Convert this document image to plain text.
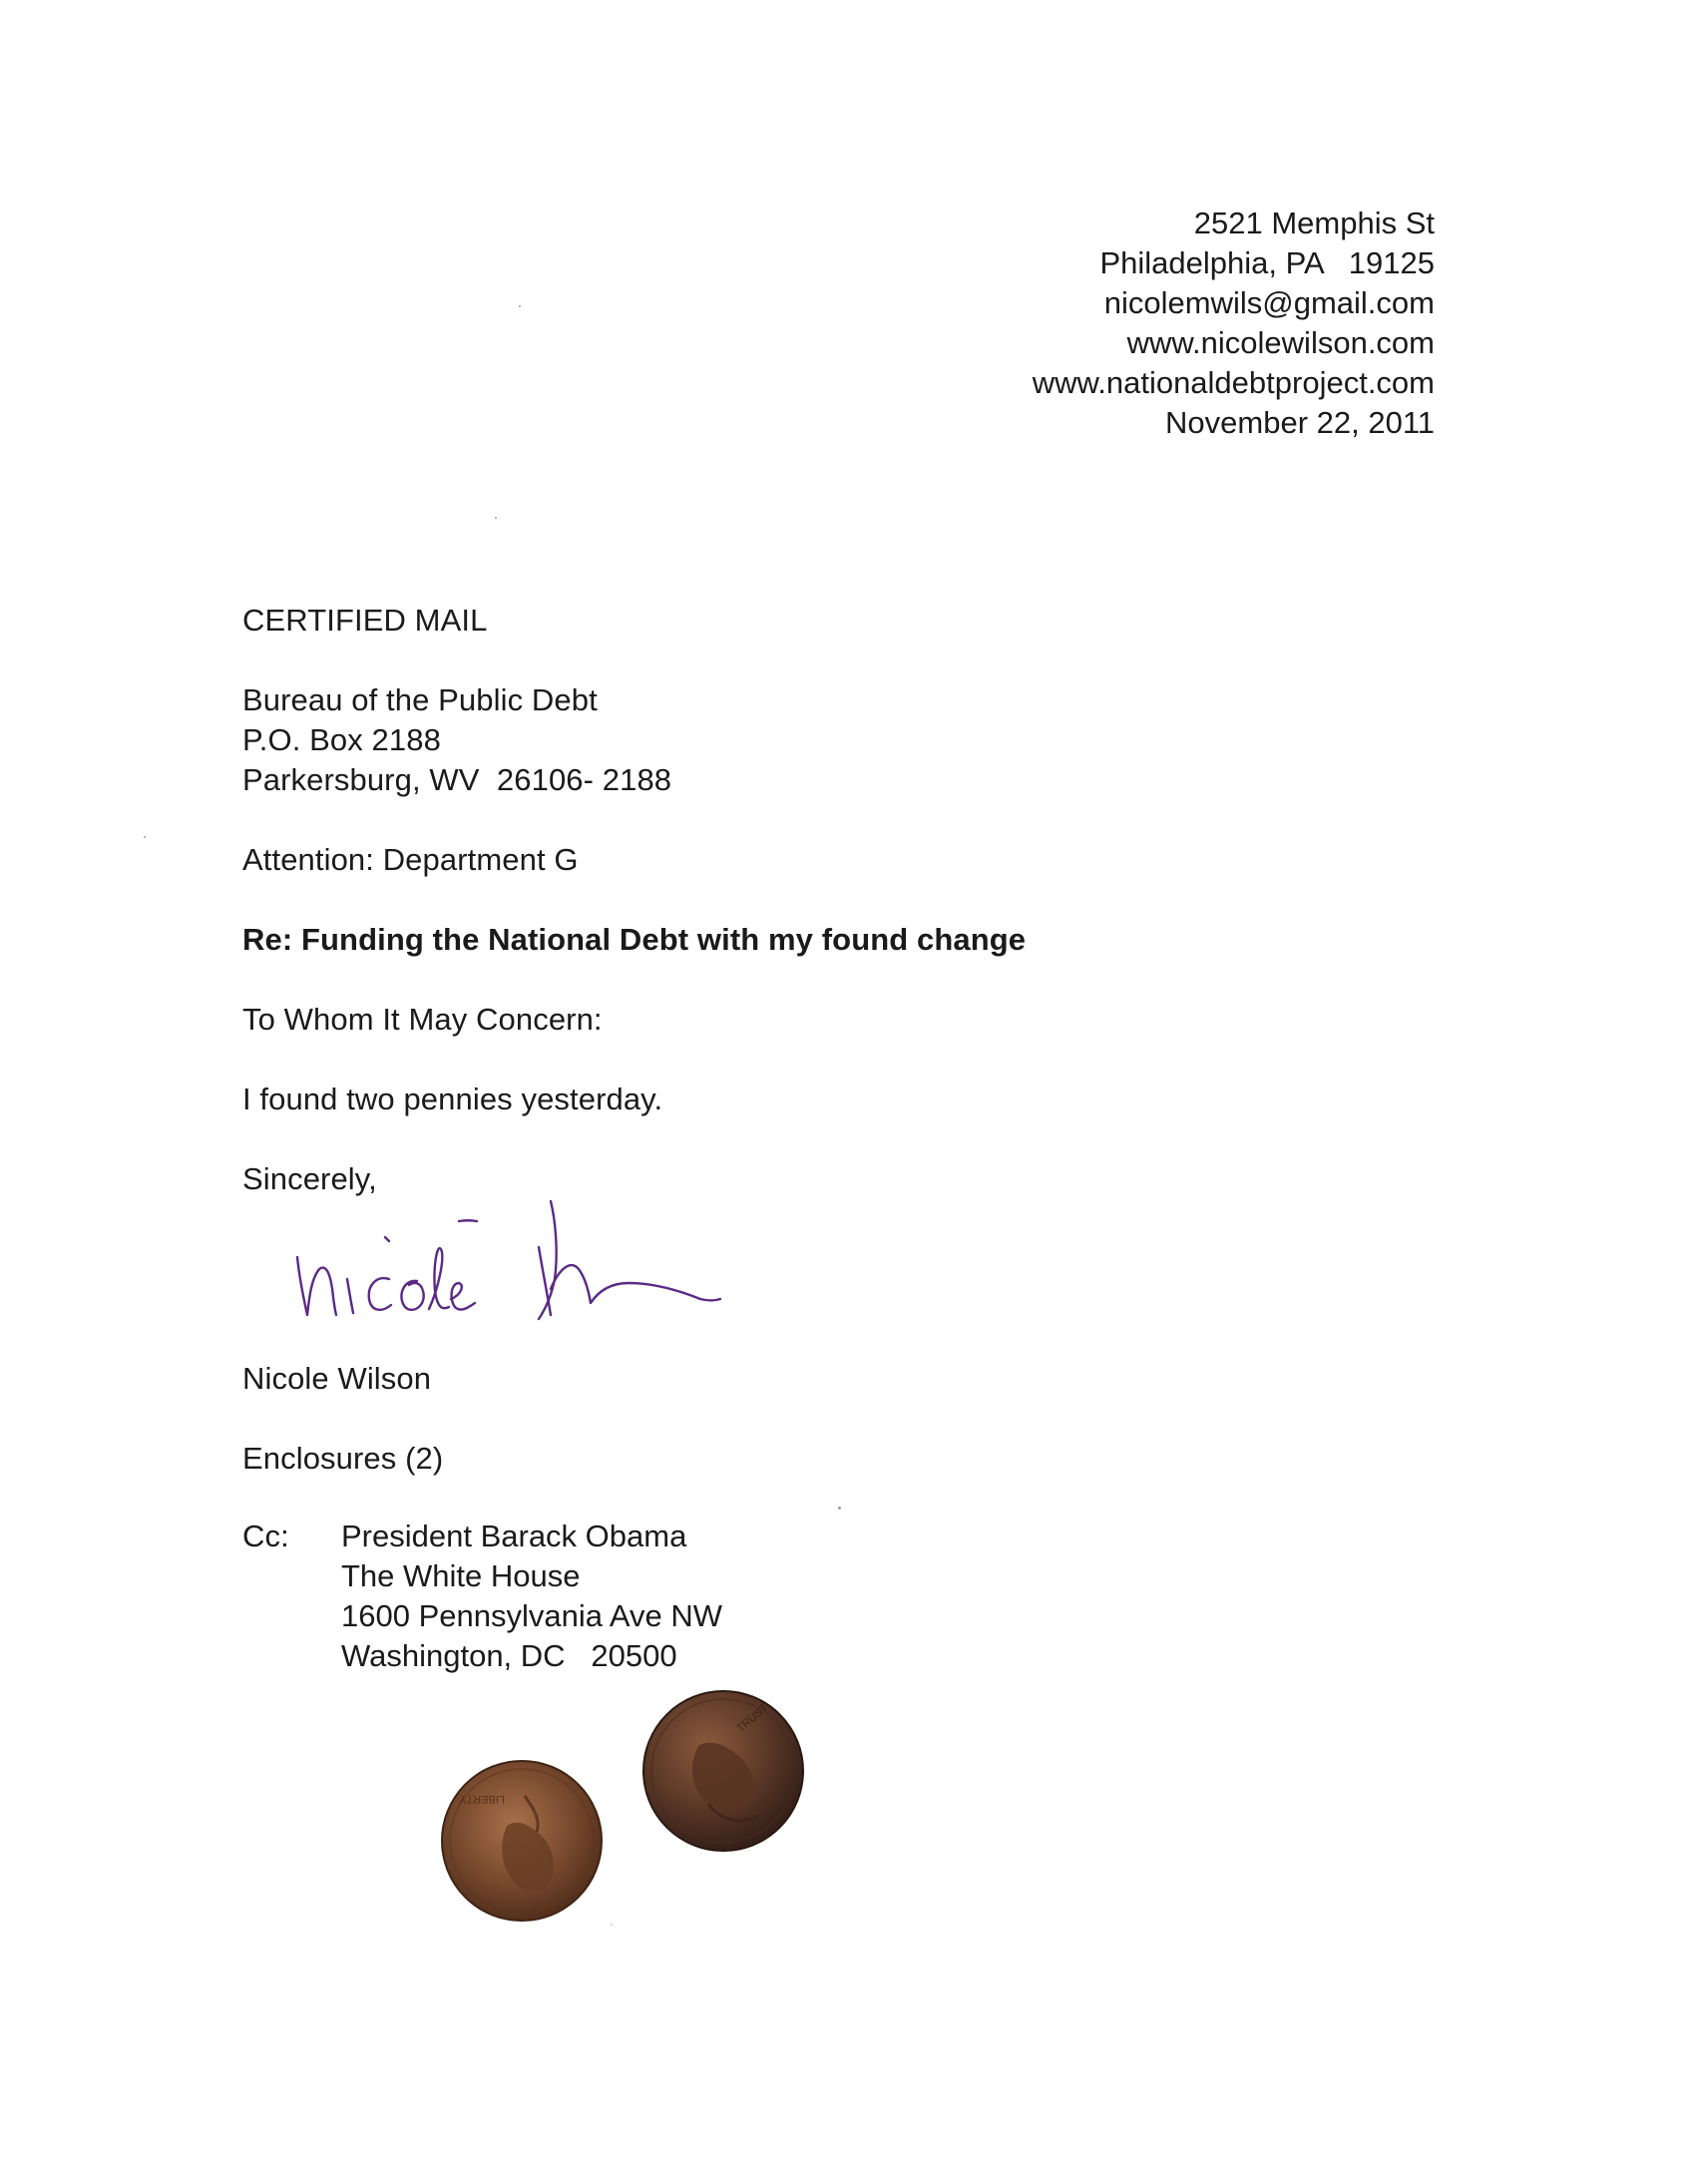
2521 Memphis St
Philadelphia, PA   19125
nicolemwils@gmail.com
www.nicolewilson.com
www.nationaldebtproject.com
November 22, 2011
CERTIFIED MAIL
Bureau of the Public Debt
P.O. Box 2188
Parkersburg, WV  26106- 2188
Attention: Department G
Re: Funding the National Debt with my found change
To Whom It May Concern:
I found two pennies yesterday.
Sincerely,
Nicole Wilson
Enclosures (2)
Cc: President Barack Obama
The White House
1600 Pennsylvania Ave NW
Washington, DC   20500
LIBERTY
TRUST
